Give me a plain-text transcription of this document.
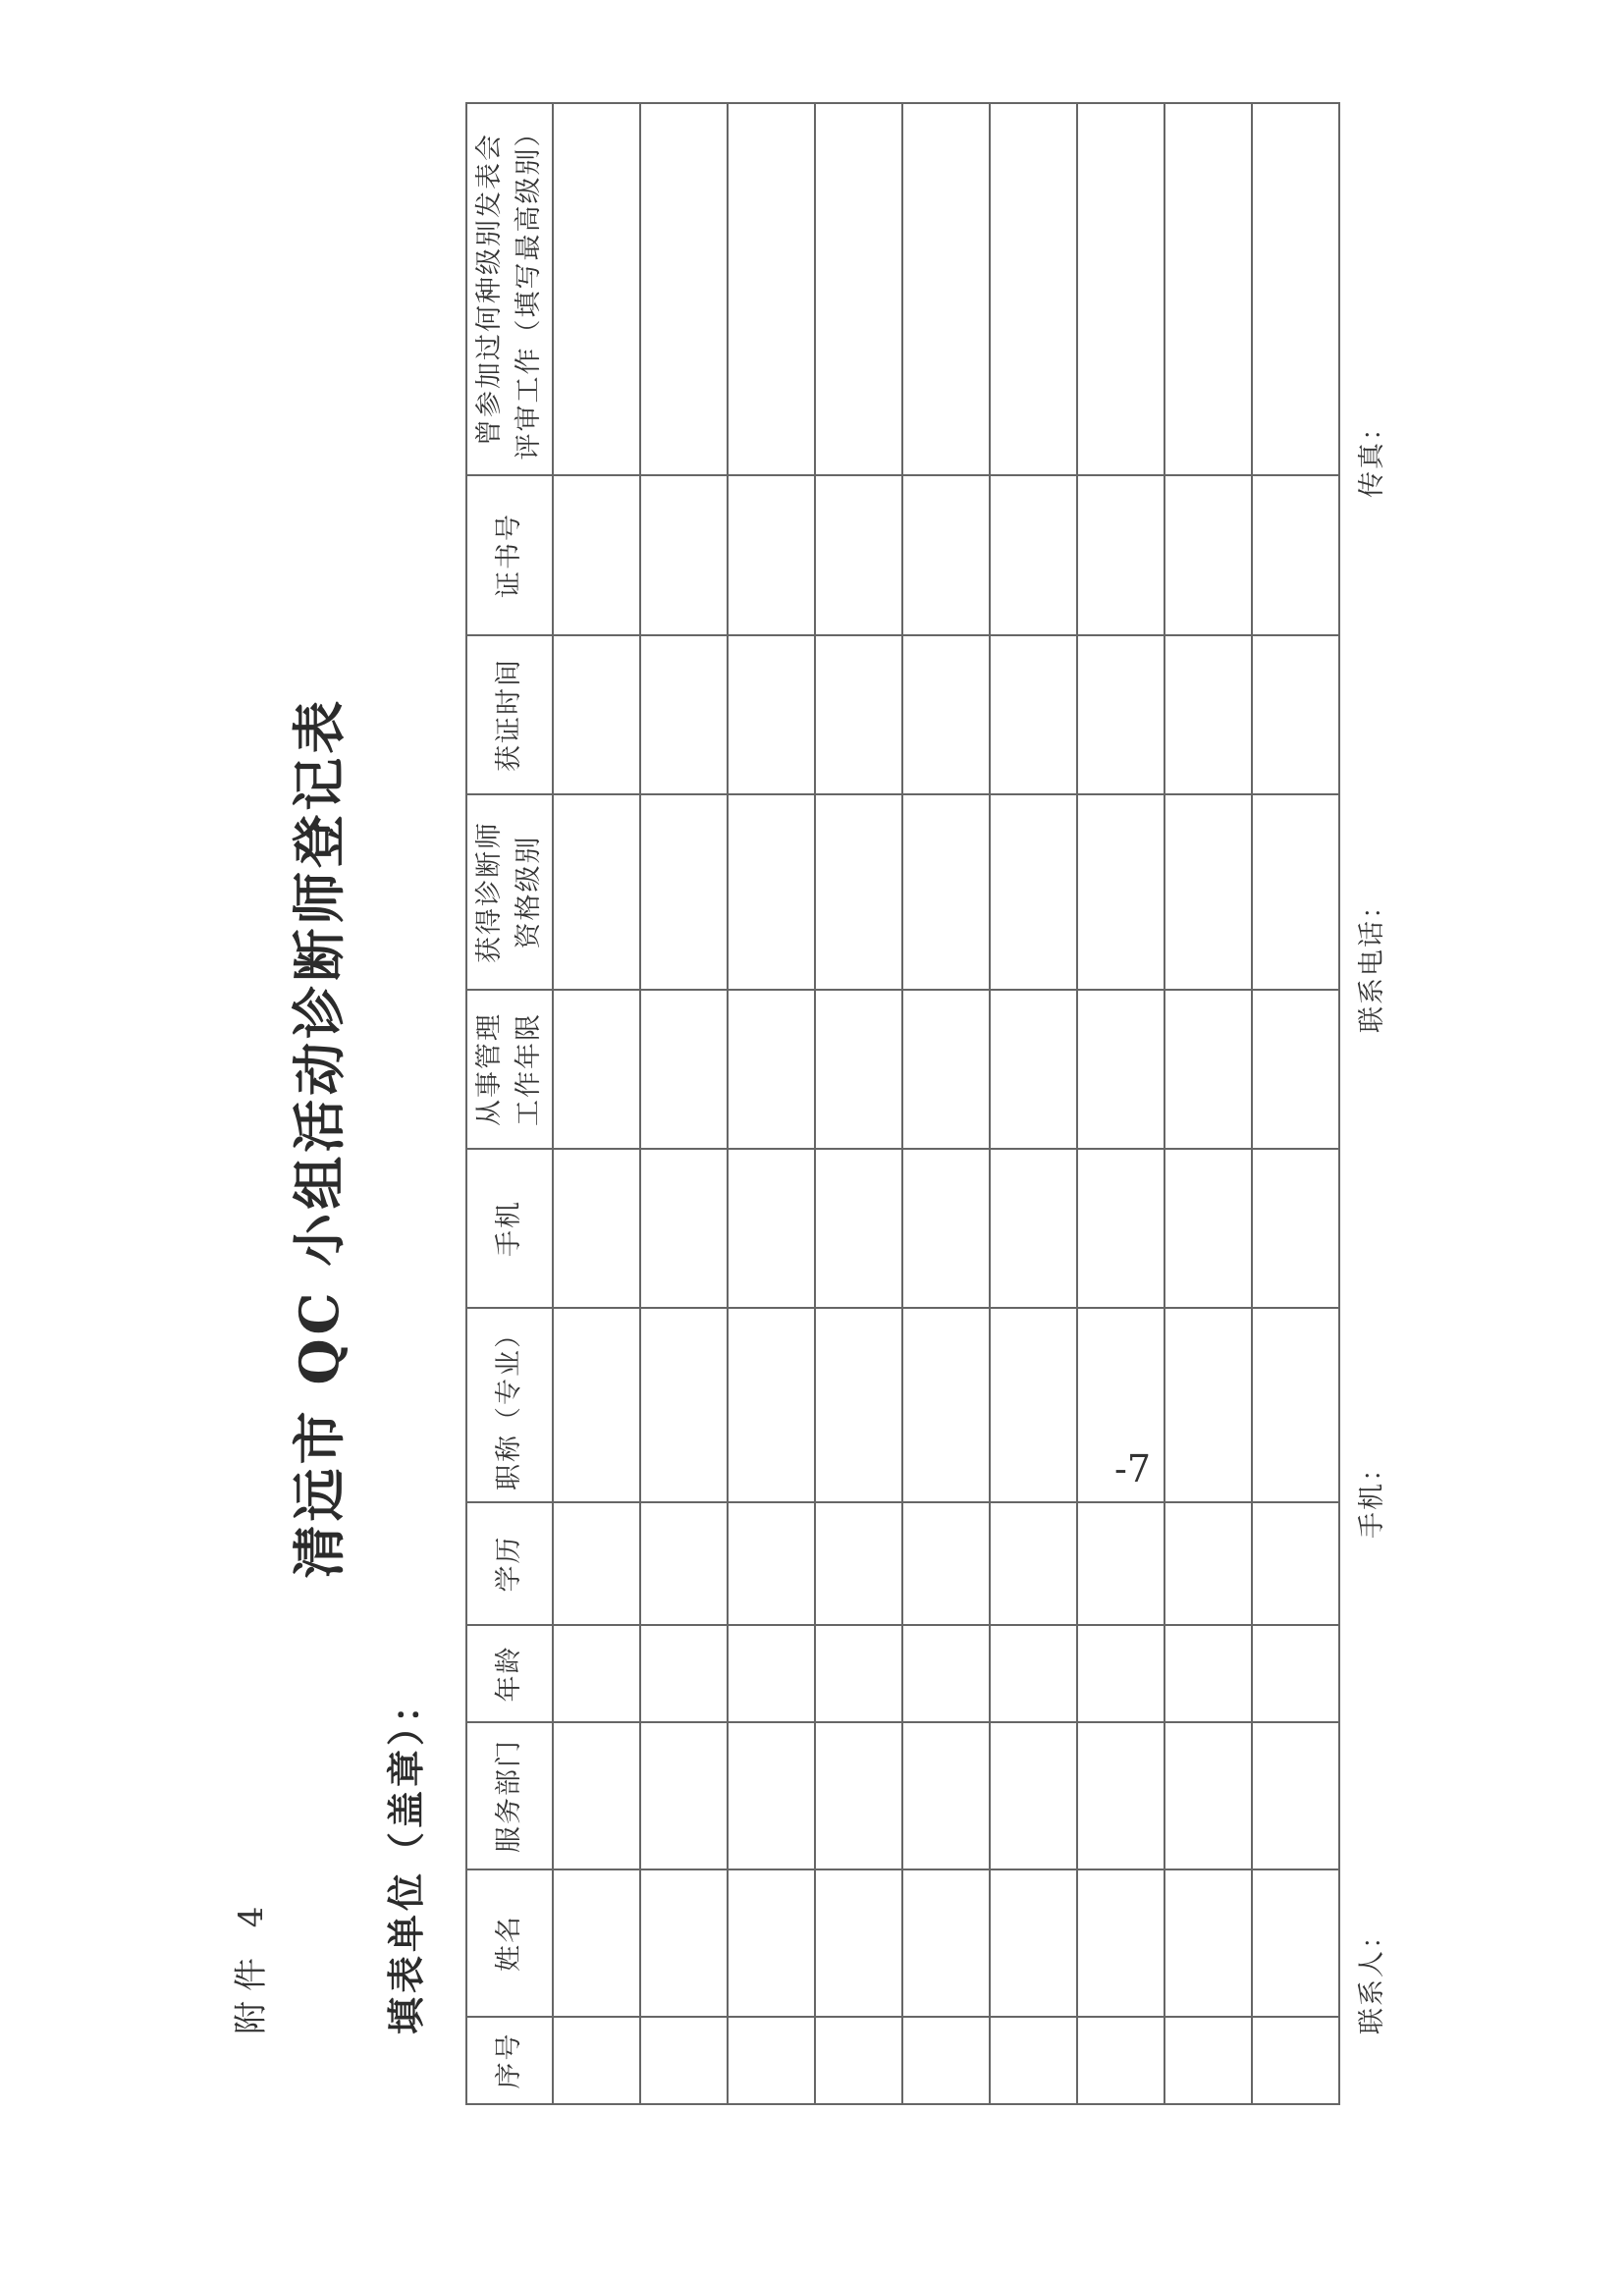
附件 4
清远市 QC 小组活动诊断师登记表
填表单位（盖章）：
序号	姓名	服务部门	年龄	学历	职称（专业）	手机	从事管理 工作年限	获得诊断师 资格级别	获证时间	证书号	曾参加过何种级别发表会 评审工作（填写最高级别）

联系人：
手机：
联系电话：
传真：
-7
